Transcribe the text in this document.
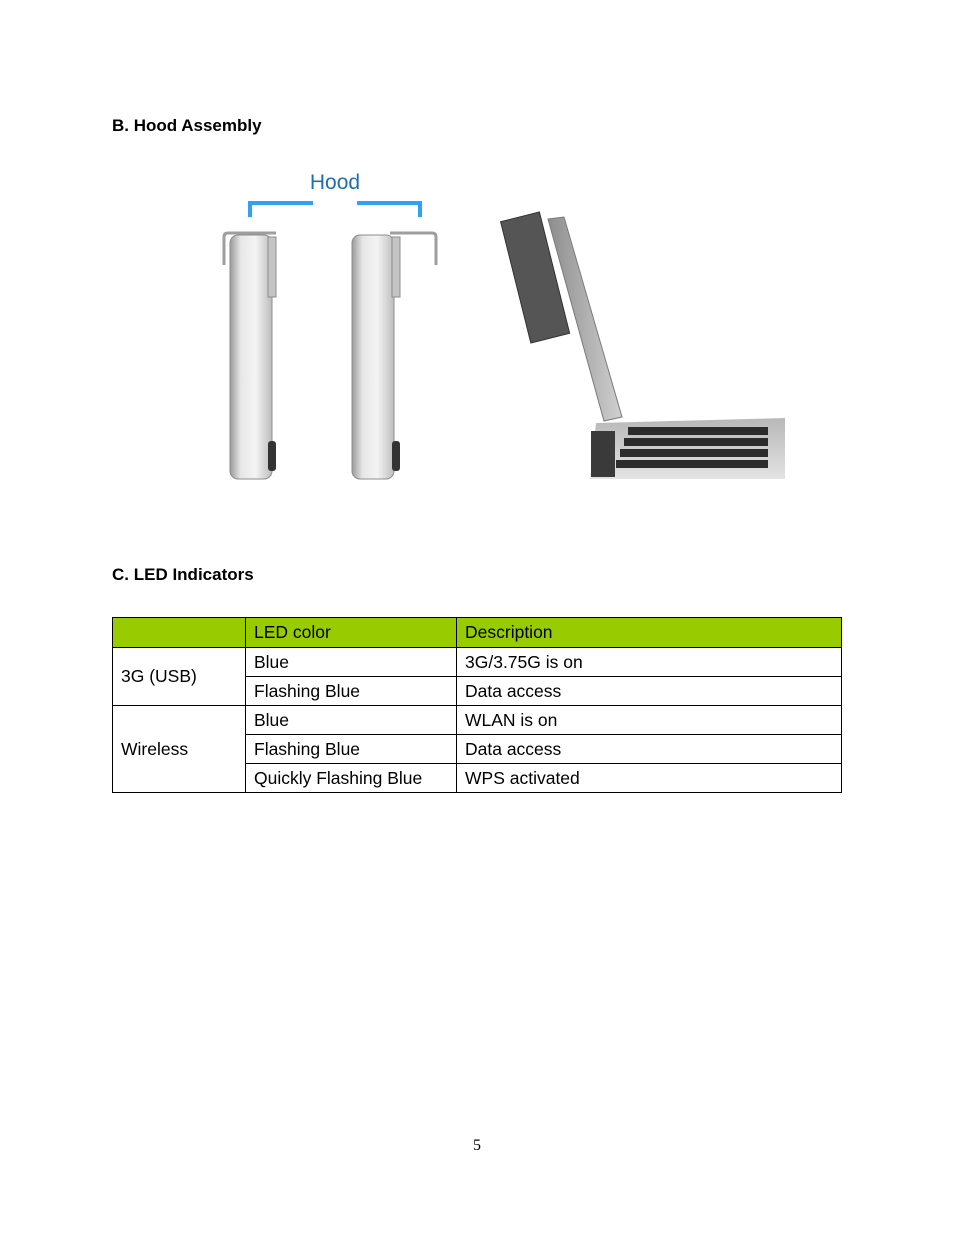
B. Hood Assembly
Hood
C. LED Indicators
	LED color	Description
3G (USB)	Blue	3G/3.75G is on
	Flashing Blue	Data access
Wireless	Blue	WLAN is on
	Flashing Blue	Data access
	Quickly Flashing Blue	WPS activated
5
